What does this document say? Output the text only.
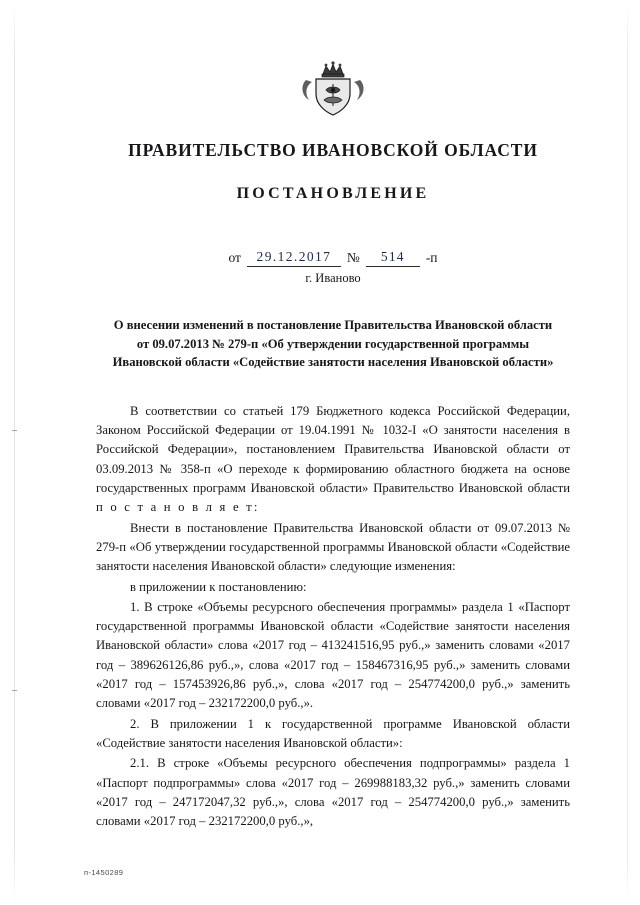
ПРАВИТЕЛЬСТВО ИВАНОВСКОЙ ОБЛАСТИ
ПОСТАНОВЛЕНИЕ
от	29.12.2017	№	514	-п
г. Иваново
О внесении изменений в постановление Правительства Ивановской области от 09.07.2013 № 279-п «Об утверждении государственной программы Ивановской области «Содействие занятости населения Ивановской области»

В соответствии со статьей 179 Бюджетного кодекса Российской Федерации, Законом Российской Федерации от 19.04.1991 № 1032-I «О занятости населения в Российской Федерации», постановлением Правительства Ивановской области от 03.09.2013 № 358-п «О переходе к формированию областного бюджета на основе государственных программ Ивановской области» Правительство Ивановской области п о с т а н о в л я е т:

Внести в постановление Правительства Ивановской области от 09.07.2013 № 279-п «Об утверждении государственной программы Ивановской области «Содействие занятости населения Ивановской области» следующие изменения:

в приложении к постановлению:

1. В строке «Объемы ресурсного обеспечения программы» раздела 1 «Паспорт государственной программы Ивановской области «Содействие занятости населения Ивановской области» слова «2017 год – 413241516,95 руб.,» заменить словами «2017 год – 389626126,86 руб.,», слова «2017 год – 158467316,95 руб.,» заменить словами «2017 год – 157453926,86 руб.,», слова «2017 год – 254774200,0 руб.,» заменить словами «2017 год – 232172200,0 руб.,».

2. В приложении 1 к государственной программе Ивановской области «Содействие занятости населения Ивановской области»:

2.1. В строке «Объемы ресурсного обеспечения подпрограммы» раздела 1 «Паспорт подпрограммы» слова «2017 год – 269988183,32 руб.,» заменить словами «2017 год – 247172047,32 руб.,», слова «2017 год – 254774200,0 руб.,» заменить словами «2017 год – 232172200,0 руб.,»,

п-1450289
